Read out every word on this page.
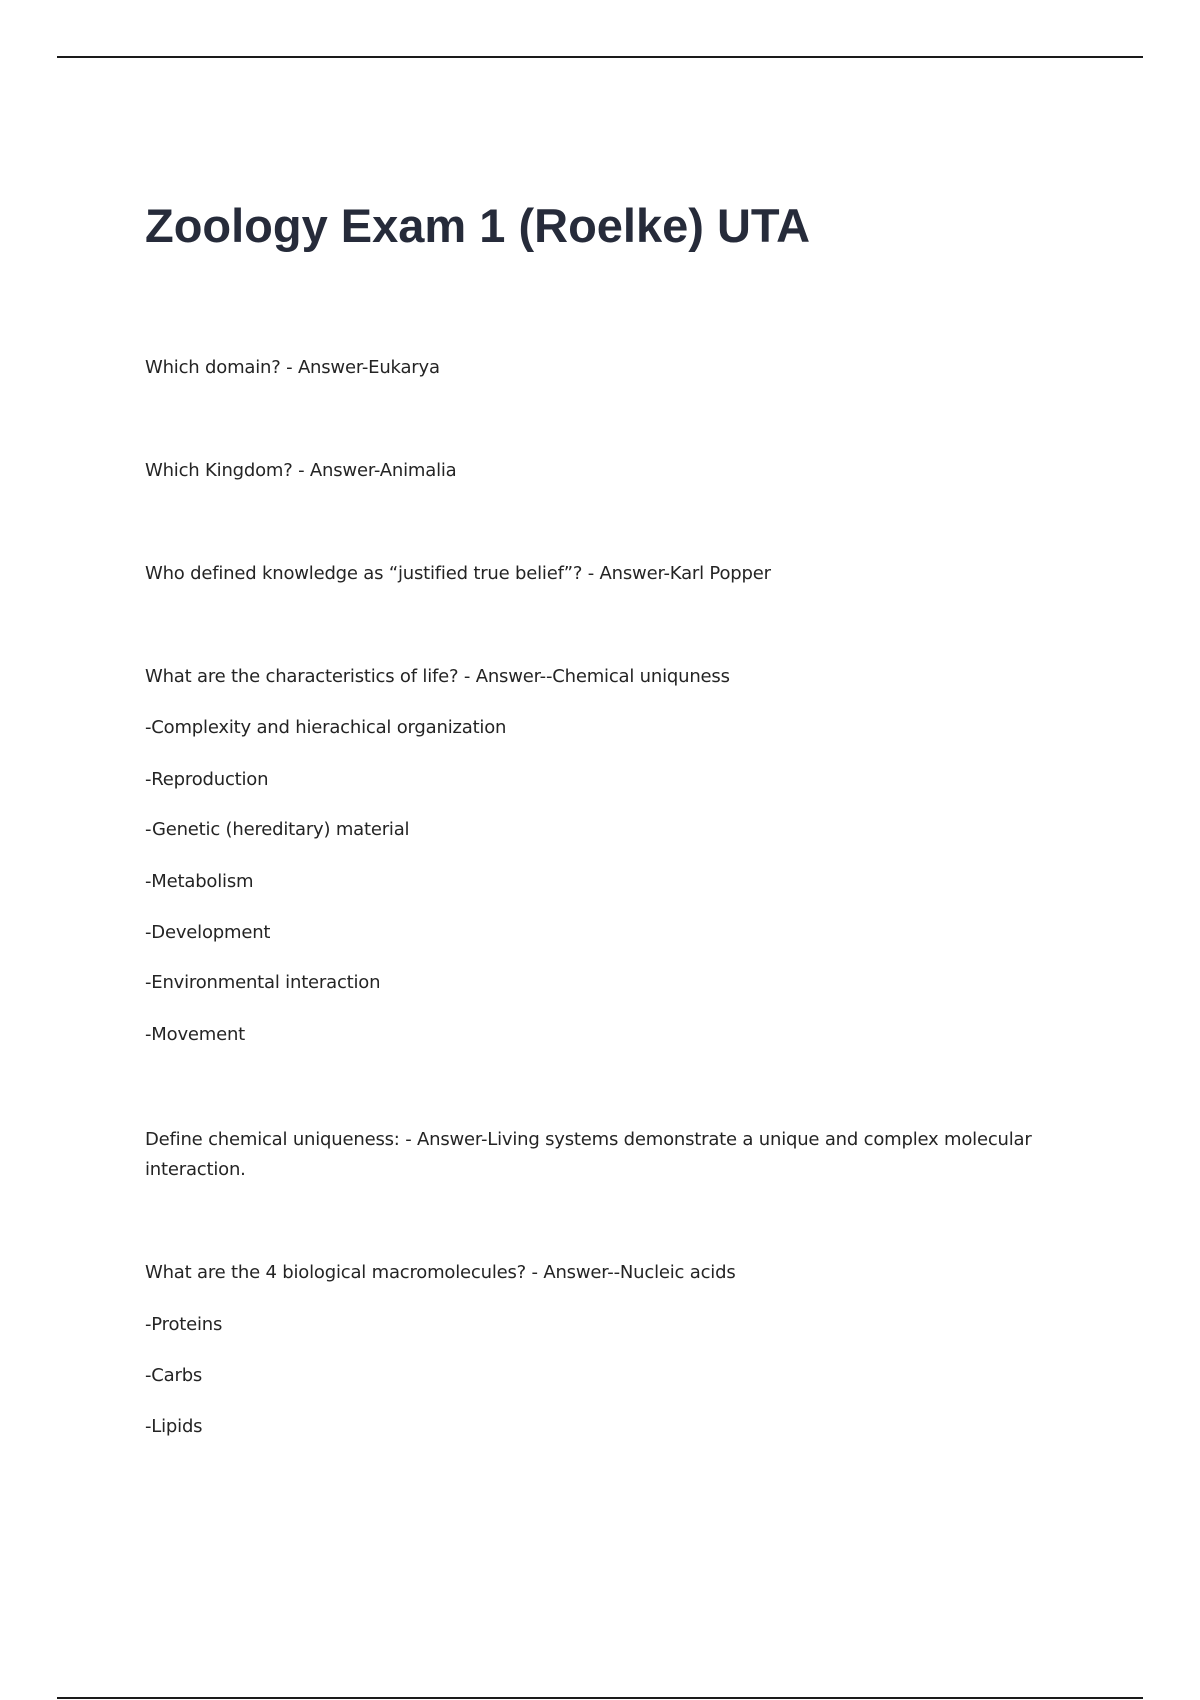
Zoology Exam 1 (Roelke) UTA

Which domain? - Answer-Eukarya

Which Kingdom? - Answer-Animalia

Who defined knowledge as “justified true belief”? - Answer-Karl Popper

What are the characteristics of life? - Answer--Chemical uniquness

-Complexity and hierachical organization

-Reproduction

-Genetic (hereditary) material

-Metabolism

-Development

-Environmental interaction

-Movement

Define chemical uniqueness: - Answer-Living systems demonstrate a unique and complex molecular interaction.

What are the 4 biological macromolecules? - Answer--Nucleic acids

-Proteins

-Carbs

-Lipids
